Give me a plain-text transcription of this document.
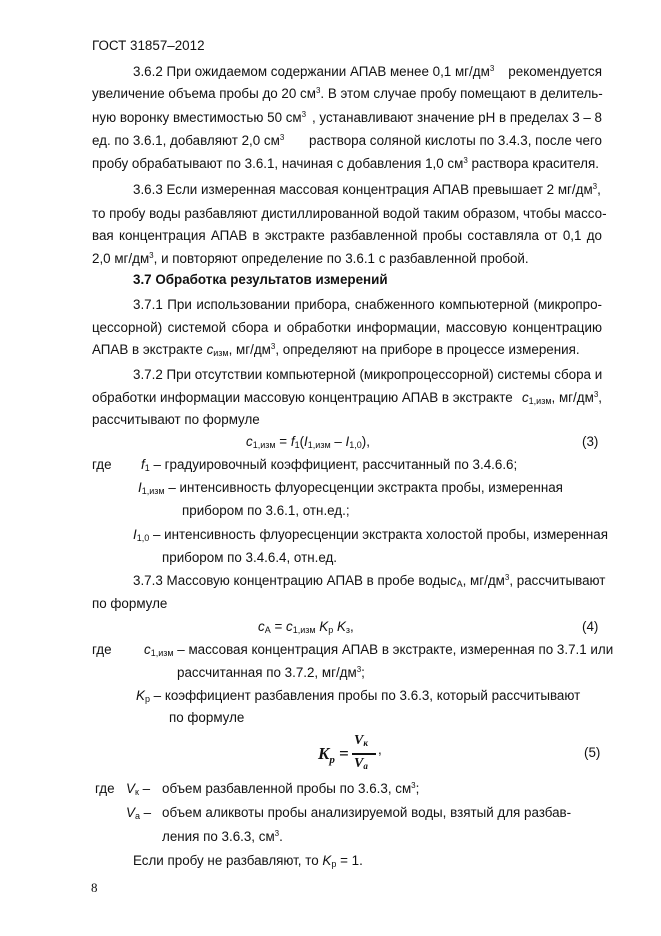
ГОСТ 31857–2012
3.6.2 При ожидаемом содержании АПАВ менее 0,1 $мг/дм^3$ рекомендуется
увеличение объема пробы до 20 $см^3$ . В этом случае пробу помещают в делитель-
ную воронку вместимостью 50 $см^3$ , устанавливают значение рН в пределах 3 – 8
ед. по 3.6.1, добавляют 2,0 $см^3$ раствора соляной кислоты по 3.4.3, после чего
пробу обрабатывают по 3.6.1, начиная с добавления 1,0 $см^3$ раствора красителя.
3.6.3 Если измеренная массовая концентрация АПАВ превышает 2 $мг/дм^3$,
то пробу воды разбавляют дистиллированной водой таким образом, чтобы массо-
вая концентрация АПАВ в экстракте разбавленной пробы составляла от 0,1 до
2,0 $мг/дм^3$, и повторяют определение по 3.6.1 с разбавленной пробой.
3.7 Обработка результатов измерений
3.7.1 При использовании прибора, снабженного компьютерной (микропро-
цессорной) системой сбора и обработки информации, массовую концентрацию
АПАВ в экстракте $с_{изм}$, $мг/дм^3$, определяют на приборе в процессе измерения.
3.7.2 При отсутствии компьютерной (микропроцессорной) системы сбора и
обработки информации массовую концентрацию АПАВ в экстракте $с_{1,изм}$, $мг/дм^3$,
рассчитывают по формуле
$c_{1,изм} = f_1(I_{1,изм} - I_{1,0})$,	(3)
где $f_1$ – градуировочный коэффициент, рассчитанный по 3.4.6.6;
$I_{1,изм}$ – интенсивность флуоресценции экстракта пробы, измеренная
прибором по 3.6.1, отн.ед.;
$I_{1,0}$ – интенсивность флуоресценции экстракта холостой пробы, измеренная
прибором по 3.4.6.4, отн.ед.
3.7.3 Массовую концентрацию АПАВ в пробе воды $с_А$, $мг/дм^3$, рассчитывают
по формуле
$c_А = c_{1,изм}$ $K_р$ $K_з$,	(4)
где $c_{1,изм}$ – массовая концентрация АПАВ в экстракте, измеренная по 3.7.1 или
рассчитанная по 3.7.2, $мг/дм^3$;
$K_р$ – коэффициент разбавления пробы по 3.6.3, который рассчитывают
по формуле
$K_p$ =
$V_к$
$V_a$
,	(5)
где $V_к$ – объем разбавленной пробы по 3.6.3, $см^3$;
$V_а$ – объем аликвоты пробы анализируемой воды, взятый для разбав-
ления по 3.6.3, $см^3$.
Если пробу не разбавляют, то $K_р = 1$.
8
